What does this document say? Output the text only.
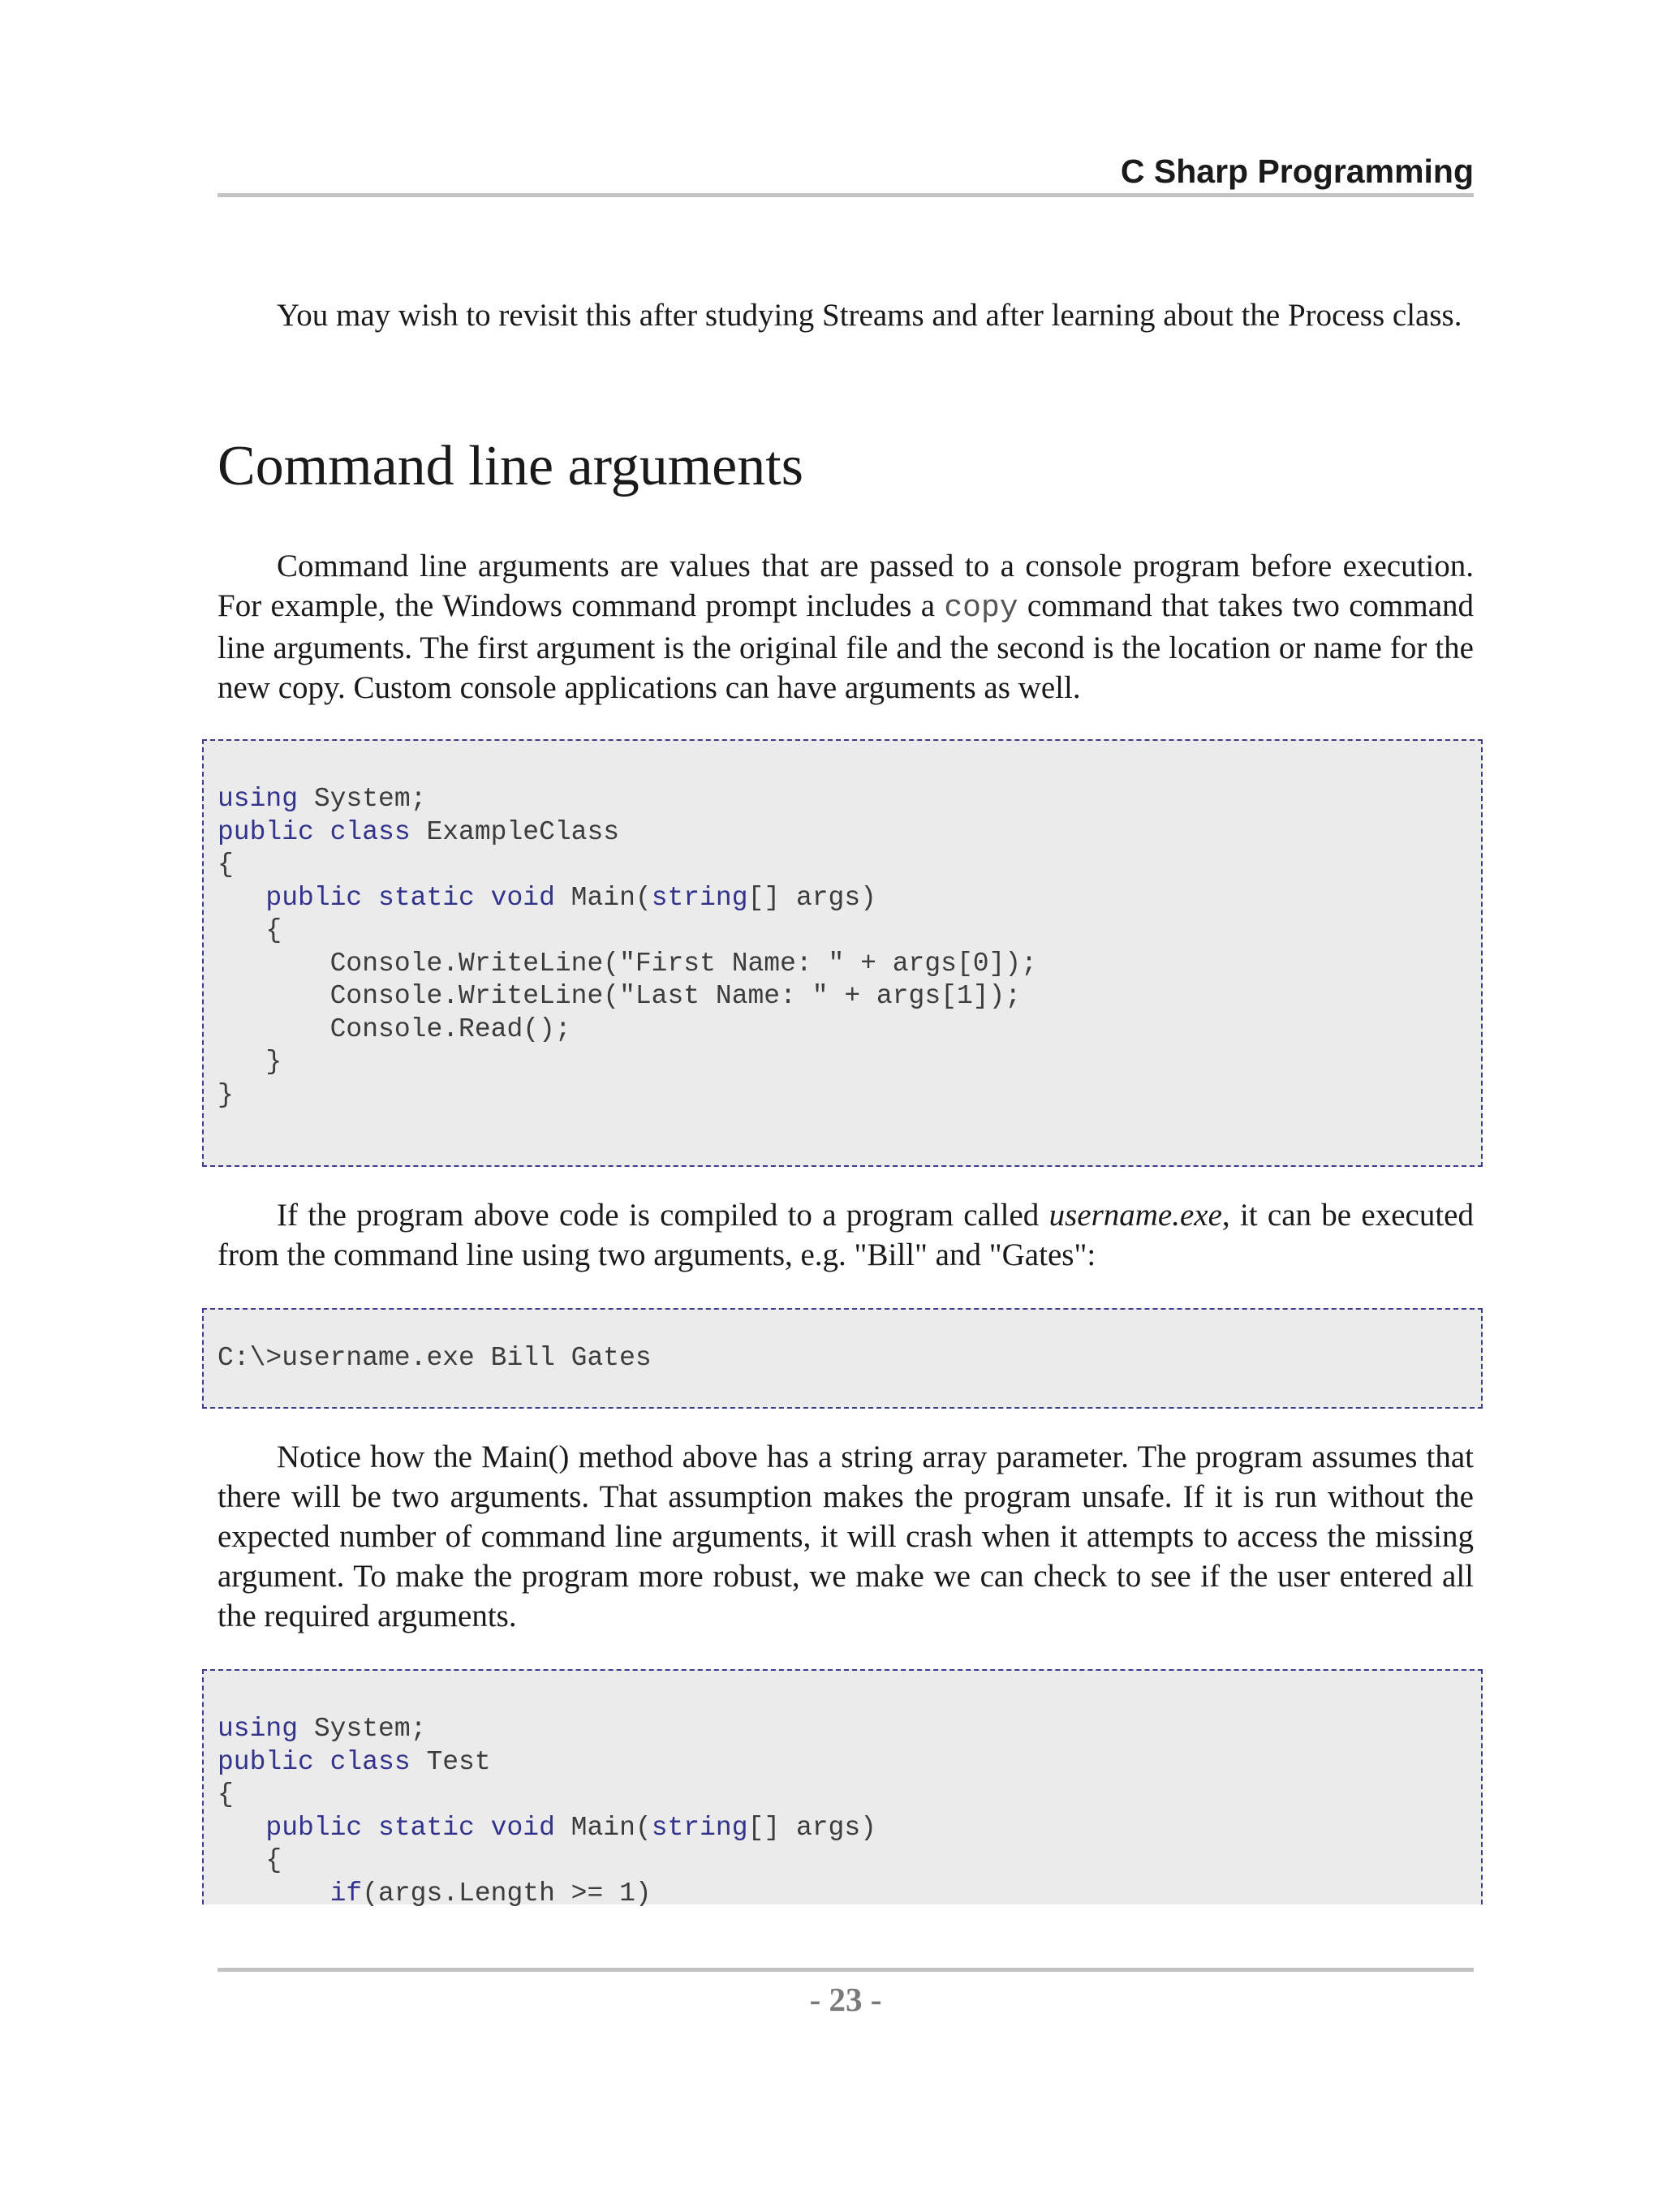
C Sharp Programming

You may wish to revisit this after studying Streams and after learning about the Process class.

Command line arguments

Command line arguments are values that are passed to a console program before execution. For example, the Windows command prompt includes a copy command that takes two command line arguments. The first argument is the original file and the second is the location or name for the new copy. Custom console applications can have arguments as well.

using System;
public class ExampleClass
{
public static void Main(string[] args)
{
Console.WriteLine("First Name: " + args[0]);
Console.WriteLine("Last Name: " + args[1]);
Console.Read();
}
}

If the program above code is compiled to a program called username.exe, it can be executed from the command line using two arguments, e.g. "Bill" and "Gates":

C:\>username.exe Bill Gates

Notice how the Main() method above has a string array parameter. The program assumes that there will be two arguments. That assumption makes the program unsafe. If it is run without the expected number of command line arguments, it will crash when it attempts to access the missing argument. To make the program more robust, we make we can check to see if the user entered all the required arguments.

using System;
public class Test
{
public static void Main(string[] args)
{
if(args.Length >= 1)
- 23 -
